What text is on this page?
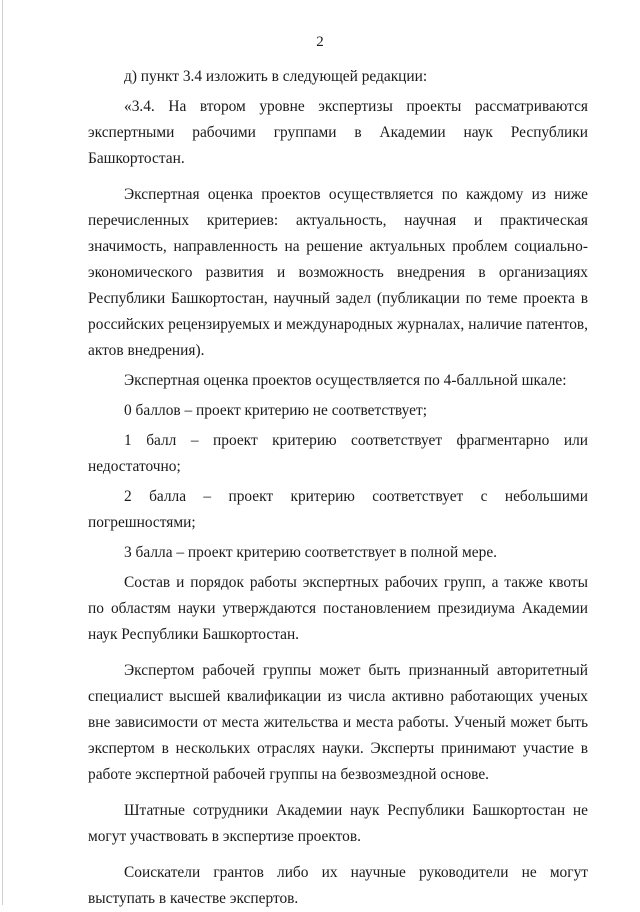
2

д) пункт 3.4 изложить в следующей редакции:

«3.4. На втором уровне экспертизы проекты рассматриваются экспертными рабочими группами в Академии наук Республики Башкортостан.

Экспертная оценка проектов осуществляется по каждому из ниже перечисленных критериев: актуальность, научная и практическая значимость, направленность на решение актуальных проблем социально-экономического развития и возможность внедрения в организациях Республики Башкортостан, научный задел (публикации по теме проекта в российских рецензируемых и международных журналах, наличие патентов, актов внедрения).

Экспертная оценка проектов осуществляется по 4-балльной шкале:

0 баллов – проект критерию не соответствует;

1 балл – проект критерию соответствует фрагментарно или недостаточно;

2 балла – проект критерию соответствует с небольшими погрешностями;

3 балла – проект критерию соответствует в полной мере.

Состав и порядок работы экспертных рабочих групп, а также квоты по областям науки утверждаются постановлением президиума Академии наук Республики Башкортостан.

Экспертом рабочей группы может быть признанный авторитетный специалист высшей квалификации из числа активно работающих ученых вне зависимости от места жительства и места работы. Ученый может быть экспертом в нескольких отраслях науки. Эксперты принимают участие в работе экспертной рабочей группы на безвозмездной основе.

Штатные сотрудники Академии наук Республики Башкортостан не могут участвовать в экспертизе проектов.

Соискатели грантов либо их научные руководители не могут выступать в качестве экспертов.
